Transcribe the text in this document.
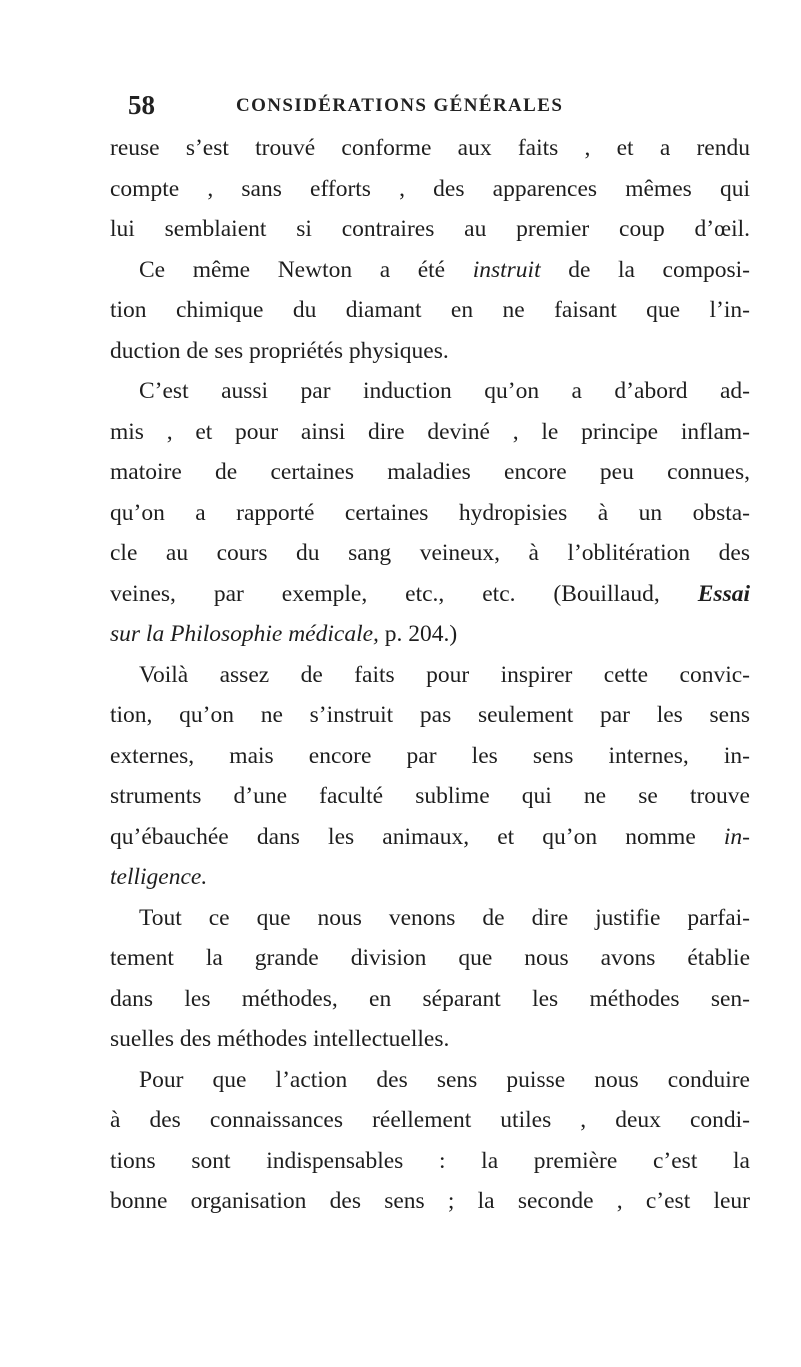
58	CONSIDÉRATIONS GÉNÉRALES
reuse s’est trouvé conforme aux faits , et a rendu
compte , sans efforts , des apparences mêmes qui
lui semblaient si contraires au premier coup d’œil.
Ce même Newton a été instruit de la composi-
tion chimique du diamant en ne faisant que l’in-
duction de ses propriétés physiques.
C’est aussi par induction qu’on a d’abord ad-
mis , et pour ainsi dire deviné , le principe inflam-
matoire de certaines maladies encore peu connues,
qu’on a rapporté certaines hydropisies à un obsta-
cle au cours du sang veineux, à l’oblitération des
veines, par exemple, etc., etc. (Bouillaud, Essai
sur la Philosophie médicale, p. 204.)
Voilà assez de faits pour inspirer cette convic-
tion, qu’on ne s’instruit pas seulement par les sens
externes, mais encore par les sens internes, in-
struments d’une faculté sublime qui ne se trouve
qu’ébauchée dans les animaux, et qu’on nomme in-
telligence.
Tout ce que nous venons de dire justifie parfai-
tement la grande division que nous avons établie
dans les méthodes, en séparant les méthodes sen-
suelles des méthodes intellectuelles.
Pour que l’action des sens puisse nous conduire
à des connaissances réellement utiles , deux condi-
tions sont indispensables : la première c’est la
bonne organisation des sens ; la seconde , c’est leur
